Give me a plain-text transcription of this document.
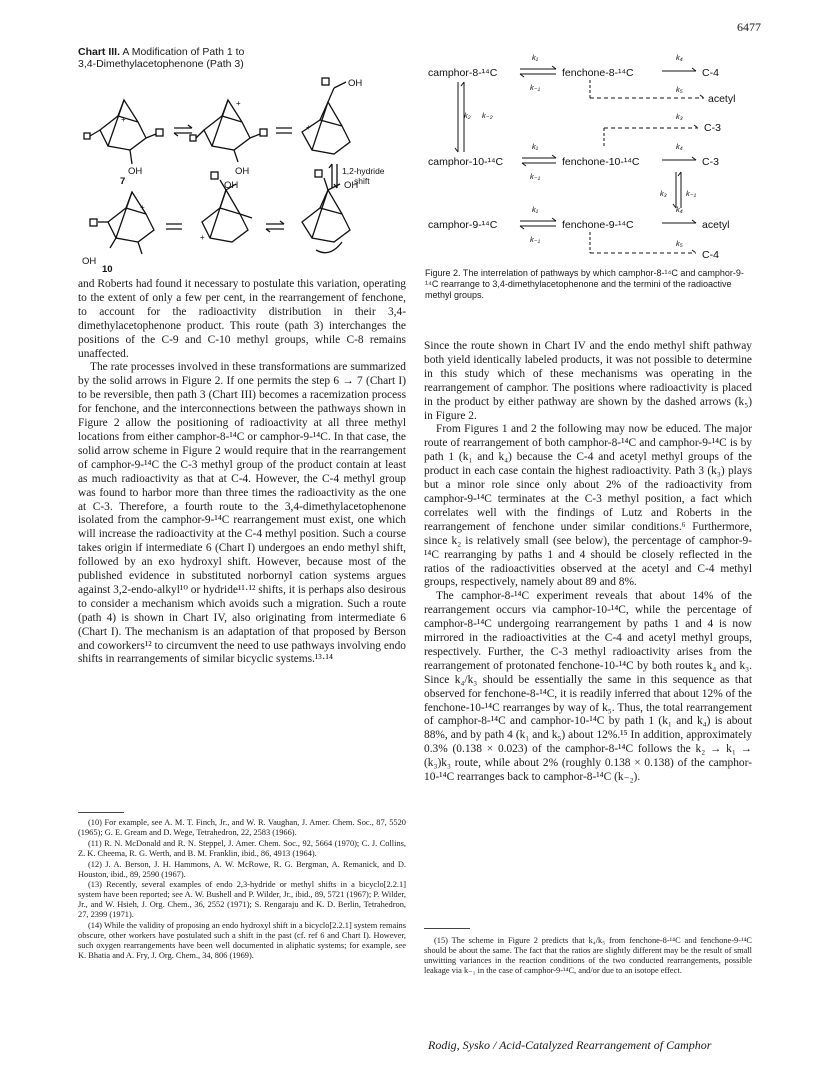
6477
Chart III. A Modification of Path 1 to
3,4-Dimethylacetophenone (Path 3)
OH	OH
OH
OH	OH
OH
7
10
1,2-hydride
shift
+
+
+
+
+
camphor-8-¹⁴C	fenchone-8-¹⁴C	C-4
acetyl
C-3
camphor-10-¹⁴C	fenchone-10-¹⁴C	C-3
camphor-9-¹⁴C	fenchone-9-¹⁴C	acetyl
C-4
k₁
k₋₁
k₄
k₅
k₃
k₂ k₋₂
k₁
k₋₁
k₄
k₃	k₋₁
k₁
k₋₁
k₄
k₅
Figure 2. The interrelation of pathways by which camphor-8-¹⁴C and camphor-9-¹⁴C rearrange to 3,4-dimethylacetophenone and the termini of the radioactive methyl groups.

and Roberts had found it necessary to postulate this variation, operating to the extent of only a few per cent, in the rearrangement of fenchone, to account for the radioactivity distribution in their 3,4-dimethylacetophenone product. This route (path 3) interchanges the positions of the C-9 and C-10 methyl groups, while C-8 remains unaffected.

The rate processes involved in these transformations are summarized by the solid arrows in Figure 2. If one permits the step 6 → 7 (Chart I) to be reversible, then path 3 (Chart III) becomes a racemization process for fenchone, and the interconnections between the pathways shown in Figure 2 allow the positioning of radioactivity at all three methyl locations from either camphor-8-¹⁴C or camphor-9-¹⁴C. In that case, the solid arrow scheme in Figure 2 would require that in the rearrangement of camphor-9-¹⁴C the C-3 methyl group of the product contain at least as much radioactivity as that at C-4. However, the C-4 methyl group was found to harbor more than three times the radioactivity as the one at C-3. Therefore, a fourth route to the 3,4-dimethylacetophenone isolated from the camphor-9-¹⁴C rearrangement must exist, one which will increase the radioactivity at the C-4 methyl position. Such a course takes origin if intermediate 6 (Chart I) undergoes an endo methyl shift, followed by an exo hydroxyl shift. However, because most of the published evidence in substituted norbornyl cation systems argues against 3,2-endo-alkyl¹⁰ or hydride¹¹·¹² shifts, it is perhaps also desirous to consider a mechanism which avoids such a migration. Such a route (path 4) is shown in Chart IV, also originating from intermediate 6 (Chart I). The mechanism is an adaptation of that proposed by Berson and coworkers¹² to circumvent the need to use pathways involving endo shifts in rearrangements of similar bicyclic systems.¹³·¹⁴

(10) For example, see A. M. T. Finch, Jr., and W. R. Vaughan, J. Amer. Chem. Soc., 87, 5520 (1965); G. E. Gream and D. Wege, Tetrahedron, 22, 2583 (1966).

(11) R. N. McDonald and R. N. Steppel, J. Amer. Chem. Soc., 92, 5664 (1970); C. J. Collins, Z. K. Cheema, R. G. Werth, and B. M. Franklin, ibid., 86, 4913 (1964).

(12) J. A. Berson, J. H. Hammons, A. W. McRowe, R. G. Bergman, A. Remanick, and D. Houston, ibid., 89, 2590 (1967).

(13) Recently, several examples of endo 2,3-hydride or methyl shifts in a bicyclo[2.2.1] system have been reported; see A. W. Bushell and P. Wilder, Jr., ibid., 89, 5721 (1967); P. Wilder, Jr., and W. Hsieh, J. Org. Chem., 36, 2552 (1971); S. Rengaraju and K. D. Berlin, Tetrahedron, 27, 2399 (1971).

(14) While the validity of proposing an endo hydroxyl shift in a bicyclo[2.2.1] system remains obscure, other workers have postulated such a shift in the past (cf. ref 6 and Chart I). However, such oxygen rearrangements have been well documented in aliphatic systems; for example, see K. Bhatia and A. Fry, J. Org. Chem., 34, 806 (1969).

Since the route shown in Chart IV and the endo methyl shift pathway both yield identically labeled products, it was not possible to determine in this study which of these mechanisms was operating in the rearrangement of camphor. The positions where radioactivity is placed in the product by either pathway are shown by the dashed arrows (k₅) in Figure 2.

From Figures 1 and 2 the following may now be educed. The major route of rearrangement of both camphor-8-¹⁴C and camphor-9-¹⁴C is by path 1 (k₁ and k₄) because the C-4 and acetyl methyl groups of the product in each case contain the highest radioactivity. Path 3 (k₃) plays but a minor role since only about 2% of the radioactivity from camphor-9-¹⁴C terminates at the C-3 methyl position, a fact which correlates well with the findings of Lutz and Roberts in the rearrangement of fenchone under similar conditions.⁶ Furthermore, since k₂ is relatively small (see below), the percentage of camphor-9-¹⁴C rearranging by paths 1 and 4 should be closely reflected in the ratios of the radioactivities observed at the acetyl and C-4 methyl groups, respectively, namely about 89 and 8%.

The camphor-8-¹⁴C experiment reveals that about 14% of the rearrangement occurs via camphor-10-¹⁴C, while the percentage of camphor-8-¹⁴C undergoing rearrangement by paths 1 and 4 is now mirrored in the radioactivities at the C-4 and acetyl methyl groups, respectively. Further, the C-3 methyl radioactivity arises from the rearrangement of protonated fenchone-10-¹⁴C by both routes k₄ and k₃. Since k₄/k₃ should be essentially the same in this sequence as that observed for fenchone-8-¹⁴C, it is readily inferred that about 12% of the fenchone-10-¹⁴C rearranges by way of k₅. Thus, the total rearrangement of camphor-8-¹⁴C and camphor-10-¹⁴C by path 1 (k₁ and k₄) is about 88%, and by path 4 (k₁ and k₅) about 12%.¹⁵ In addition, approximately 0.3% (0.138 × 0.023) of the camphor-8-¹⁴C follows the k₂ → k₁ → (k₃)k₃ route, while about 2% (roughly 0.138 × 0.138) of the camphor-10-¹⁴C rearranges back to camphor-8-¹⁴C (k₋₂).

(15) The scheme in Figure 2 predicts that k₄/k₅ from fenchone-8-¹⁴C and fenchone-9-¹⁴C should be about the same. The fact that the ratios are slightly different may be the result of small unwitting variances in the reaction conditions of the two conducted rearrangements, possible leakage via k₋₁ in the case of camphor-9-¹⁴C, and/or due to an isotope effect.

Rodig, Sysko / Acid-Catalyzed Rearrangement of Camphor
